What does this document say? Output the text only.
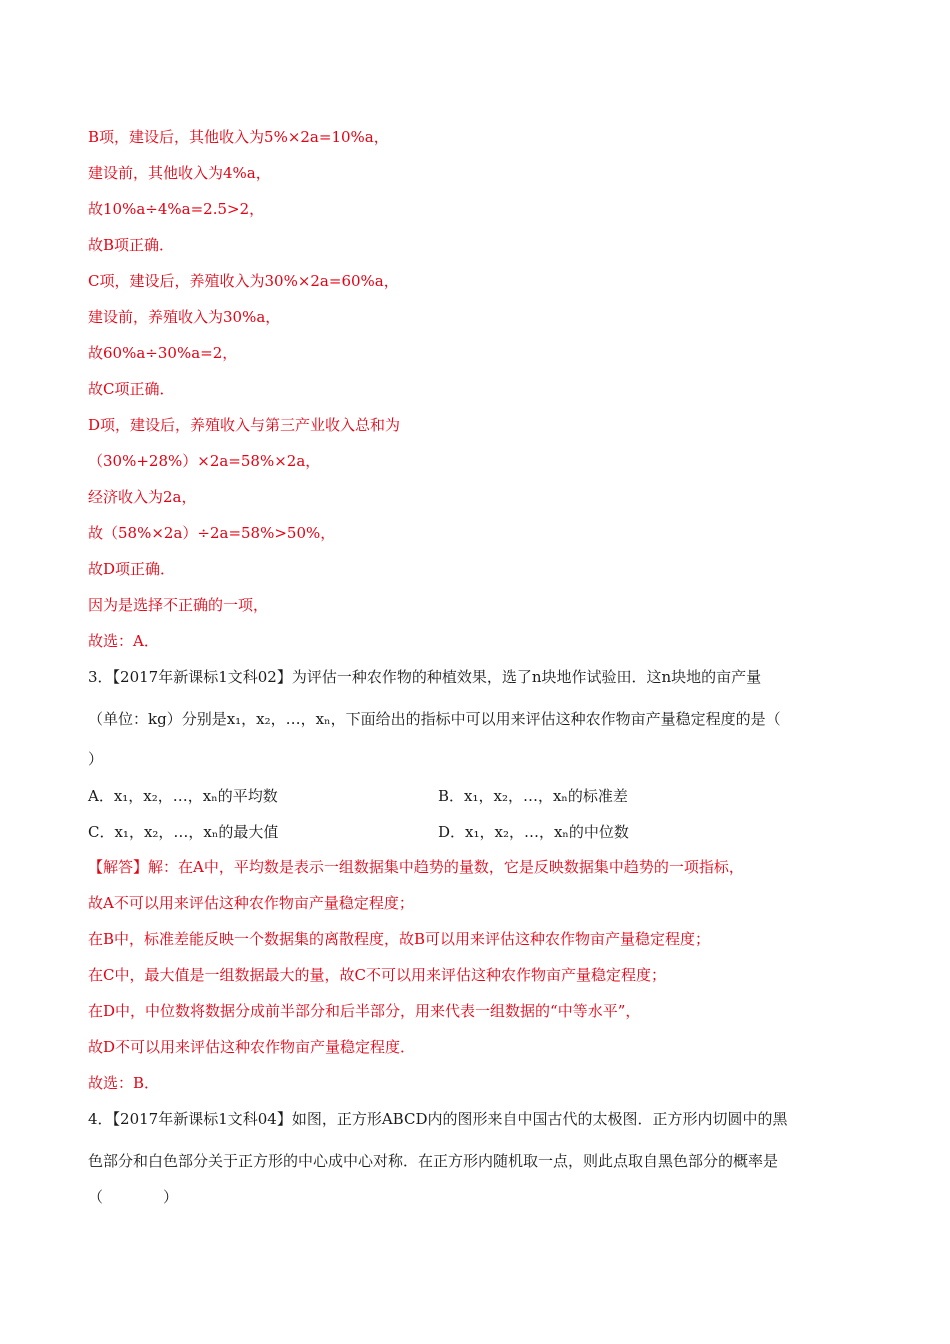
B项，建设后，其他收入为5%×2a=10%a，
建设前，其他收入为4%a，
故10%a÷4%a=2.5>2，
故B项正确．
C项，建设后，养殖收入为30%×2a=60%a，
建设前，养殖收入为30%a，
故60%a÷30%a=2，
故C项正确．
D项，建设后，养殖收入与第三产业收入总和为
（30%+28%）×2a=58%×2a，
经济收入为2a，
故（58%×2a）÷2a=58%>50%，
故D项正确．
因为是选择不正确的一项，
故选：A．
3．【2017年新课标1文科02】为评估一种农作物的种植效果，选了n块地作试验田．这n块地的亩产量
（单位：kg）分别是x₁，x₂，…，xₙ，下面给出的指标中可以用来评估这种农作物亩产量稳定程度的是（
）
A．x₁，x₂，…，xₙ的平均数	B．x₁，x₂，…，xₙ的标准差
C．x₁，x₂，…，xₙ的最大值	D．x₁，x₂，…，xₙ的中位数
【解答】解：在A中，平均数是表示一组数据集中趋势的量数，它是反映数据集中趋势的一项指标，
故A不可以用来评估这种农作物亩产量稳定程度；
在B中，标准差能反映一个数据集的离散程度，故B可以用来评估这种农作物亩产量稳定程度；
在C中，最大值是一组数据最大的量，故C不可以用来评估这种农作物亩产量稳定程度；
在D中，中位数将数据分成前半部分和后半部分，用来代表一组数据的“中等水平”，
故D不可以用来评估这种农作物亩产量稳定程度．
故选：B．
4．【2017年新课标1文科04】如图，正方形ABCD内的图形来自中国古代的太极图．正方形内切圆中的黑
色部分和白色部分关于正方形的中心成中心对称．在正方形内随机取一点，则此点取自黑色部分的概率是
（　　　　）
